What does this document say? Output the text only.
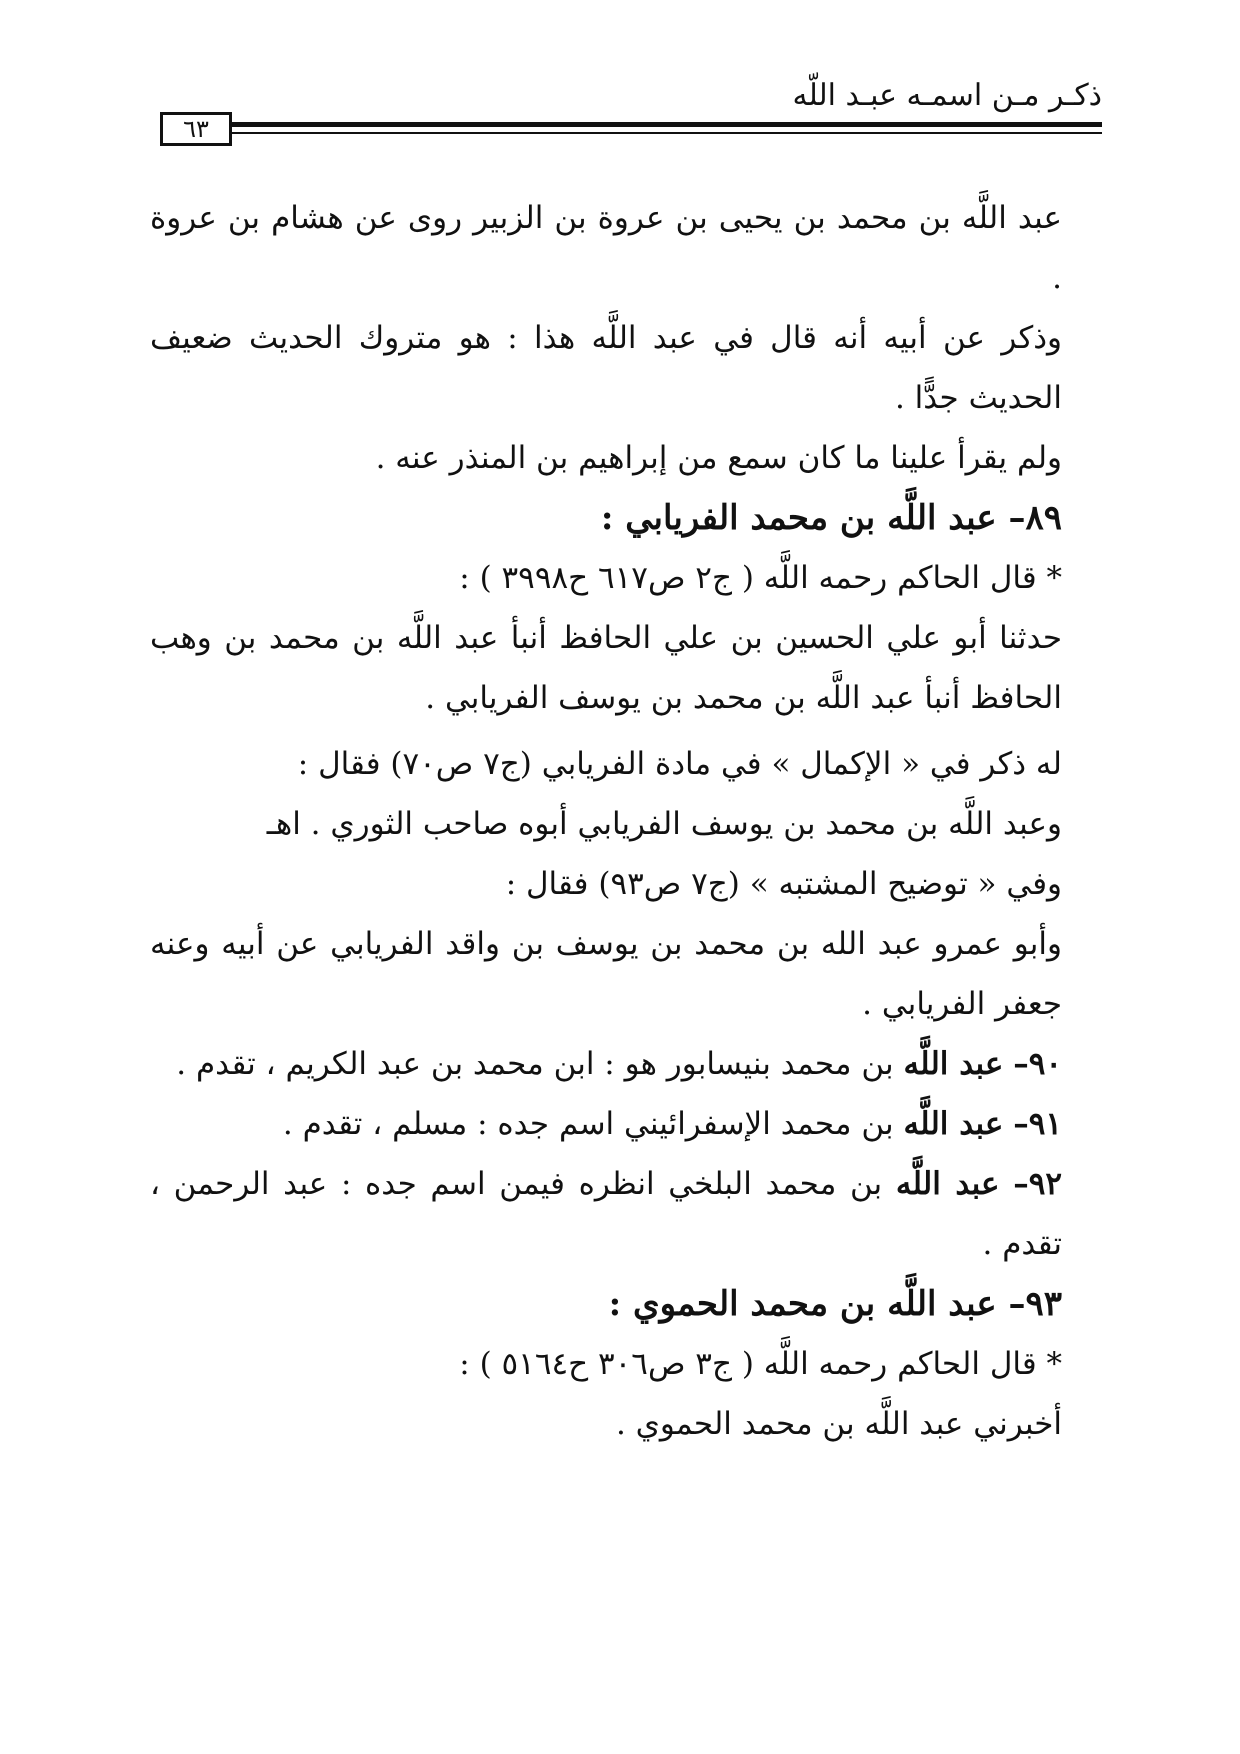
ذكـر مـن اسمـه عبـد اللّه
٦٣

عبد اللَّه بن محمد بن يحيى بن عروة بن الزبير روى عن هشام بن عروة .

وذكر عن أبيه أنه قال في عبد اللَّه هذا : هو متروك الحديث ضعيف الحديث جدًّا .

ولم يقرأ علينا ما كان سمع من إبراهيم بن المنذر عنه .

٨٩– عبد اللَّه بن محمد الفريابي :

* قال الحاكم رحمه اللَّه ( ج٢ ص٦١٧ ح٣٩٩٨ ) :

حدثنا أبو علي الحسين بن علي الحافظ أنبأ عبد اللَّه بن محمد بن وهب الحافظ أنبأ عبد اللَّه بن محمد بن يوسف الفريابي .

له ذكر في « الإكمال » في مادة الفريابي (ج٧ ص٧٠) فقال :

وعبد اللَّه بن محمد بن يوسف الفريابي أبوه صاحب الثوري . اهـ

وفي « توضيح المشتبه » (ج٧ ص٩٣) فقال :

وأبو عمرو عبد الله بن محمد بن يوسف بن واقد الفريابي عن أبيه وعنه جعفر الفريابي .

٩٠– عبد اللَّه بن محمد بنيسابور هو : ابن محمد بن عبد الكريم ، تقدم .

٩١– عبد اللَّه بن محمد الإسفرائيني اسم جده : مسلم ، تقدم .

٩٢– عبد اللَّه بن محمد البلخي انظره فيمن اسم جده : عبد الرحمن ، تقدم .

٩٣– عبد اللَّه بن محمد الحموي :

* قال الحاكم رحمه اللَّه ( ج٣ ص٣٠٦ ح٥١٦٤ ) :

أخبرني عبد اللَّه بن محمد الحموي .
